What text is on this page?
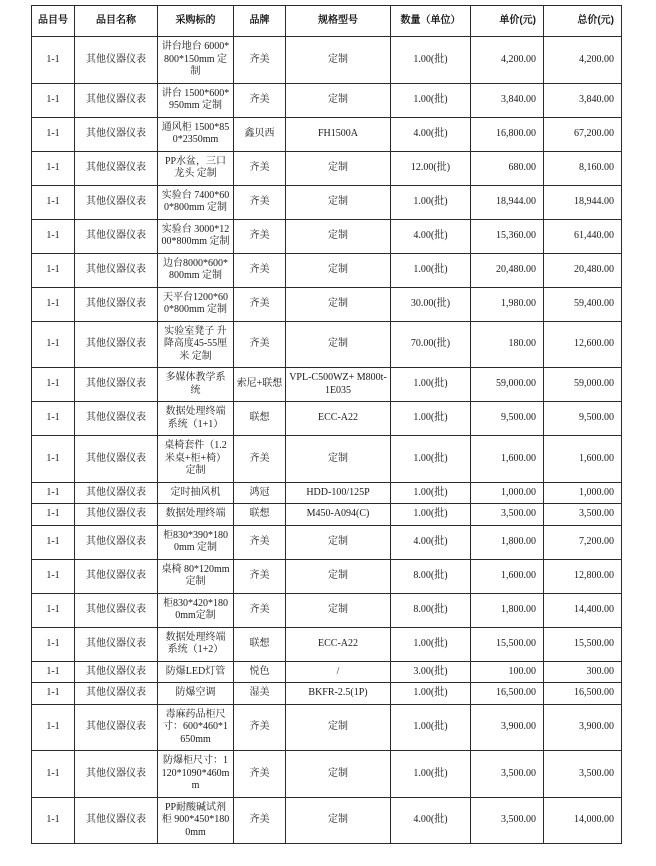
品目号	品目名称	采购标的	品牌	规格型号	数量（单位）	单价(元)	总价(元)
1-1	其他仪器仪表	讲台地台 6000*800*150mm 定制	齐美	定制	1.00(批)	4,200.00	4,200.00
1-1	其他仪器仪表	讲台 1500*600*950mm 定制	齐美	定制	1.00(批)	3,840.00	3,840.00
1-1	其他仪器仪表	通风柜 1500*850*2350mm	鑫贝西	FH1500A	4.00(批)	16,800.00	67,200.00
1-1	其他仪器仪表	PP水盆，三口龙头 定制	齐美	定制	12.00(批)	680.00	8,160.00
1-1	其他仪器仪表	实验台 7400*600*800mm 定制	齐美	定制	1.00(批)	18,944.00	18,944.00
1-1	其他仪器仪表	实验台 3000*1200*800mm 定制	齐美	定制	4.00(批)	15,360.00	61,440.00
1-1	其他仪器仪表	边台8000*600*800mm 定制	齐美	定制	1.00(批)	20,480.00	20,480.00
1-1	其他仪器仪表	天平台1200*600*800mm 定制	齐美	定制	30.00(批)	1,980.00	59,400.00
1-1	其他仪器仪表	实验室凳子 升降高度45-55厘米 定制	齐美	定制	70.00(批)	180.00	12,600.00
1-1	其他仪器仪表	多媒体教学系统	索尼+联想	VPL-C500WZ+ M800t-1E035	1.00(批)	59,000.00	59,000.00
1-1	其他仪器仪表	数据处理终端系统（1+1）	联想	ECC-A22	1.00(批)	9,500.00	9,500.00
1-1	其他仪器仪表	桌椅套件（1.2米桌+柜+椅）定制	齐美	定制	1.00(批)	1,600.00	1,600.00
1-1	其他仪器仪表	定时抽风机	鸿冠	HDD-100/125P	1.00(批)	1,000.00	1,000.00
1-1	其他仪器仪表	数据处理终端	联想	M450-A094(C)	1.00(批)	3,500.00	3,500.00
1-1	其他仪器仪表	柜830*390*1800mm 定制	齐美	定制	4.00(批)	1,800.00	7,200.00
1-1	其他仪器仪表	桌椅 80*120mm 定制	齐美	定制	8.00(批)	1,600.00	12,800.00
1-1	其他仪器仪表	柜830*420*1800mm定制	齐美	定制	8.00(批)	1,800.00	14,400.00
1-1	其他仪器仪表	数据处理终端系统（1+2）	联想	ECC-A22	1.00(批)	15,500.00	15,500.00
1-1	其他仪器仪表	防爆LED灯管	悦色	/	3.00(批)	100.00	300.00
1-1	其他仪器仪表	防爆空调	湿美	BKFR-2.5(1P)	1.00(批)	16,500.00	16,500.00
1-1	其他仪器仪表	毒麻药品柜尺寸：600*460*1650mm	齐美	定制	1.00(批)	3,900.00	3,900.00
1-1	其他仪器仪表	防爆柜尺寸：1120*1090*460mm	齐美	定制	1.00(批)	3,500.00	3,500.00
1-1	其他仪器仪表	PP耐酸碱试剂柜 900*450*1800mm	齐美	定制	4.00(批)	3,500.00	14,000.00
